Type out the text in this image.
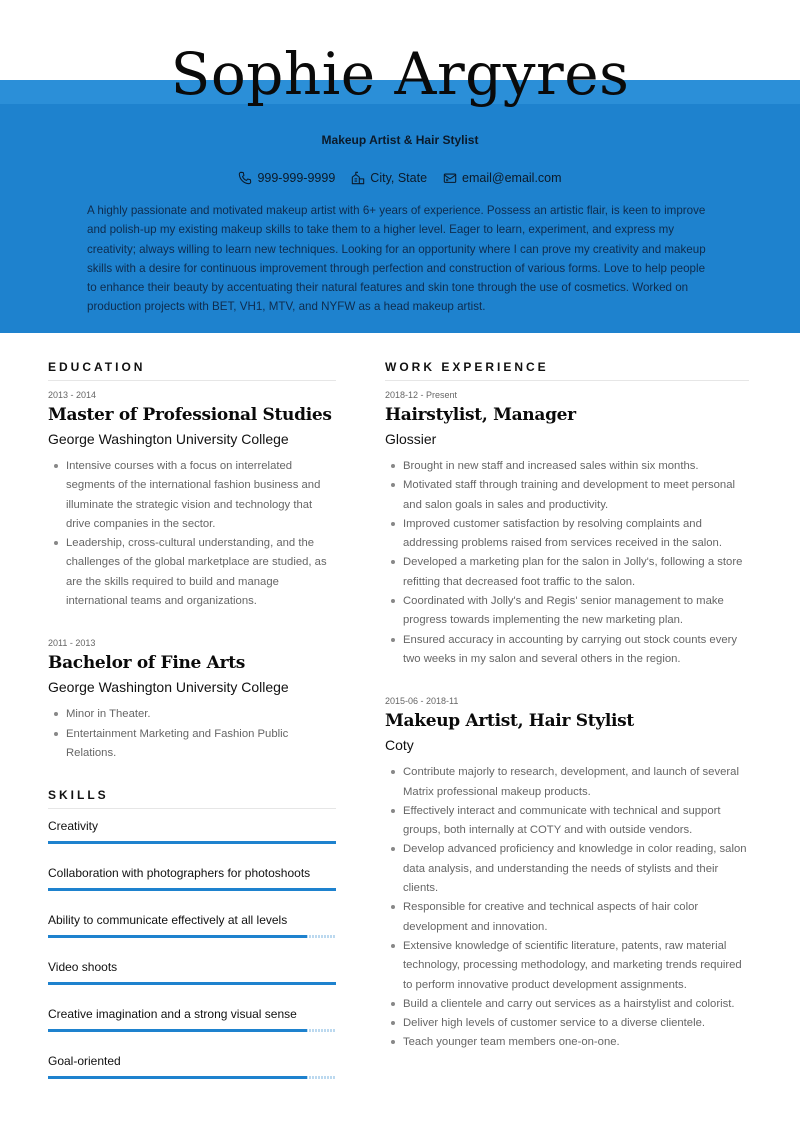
Sophie Argyres
Makeup Artist & Hair Stylist
999-999-9999	City, State	email@email.com
A highly passionate and motivated makeup artist with 6+ years of experience. Possess an artistic flair, is keen to improve and polish-up my existing makeup skills to take them to a higher level. Eager to learn, experiment, and express my creativity; always willing to learn new techniques. Looking for an opportunity where I can prove my creativity and makeup skills with a desire for continuous improvement through perfection and construction of various forms. Love to help people to enhance their beauty by accentuating their natural features and skin tone through the use of cosmetics. Worked on production projects with BET, VH1, MTV, and NYFW as a head makeup artist.
EDUCATION
2013 - 2014
Master of Professional Studies
George Washington University College
Intensive courses with a focus on interrelated segments of the international fashion business and illuminate the strategic vision and technology that drive companies in the sector.
Leadership, cross-cultural understanding, and the challenges of the global marketplace are studied, as are the skills required to build and manage international teams and organizations.
2011 - 2013
Bachelor of Fine Arts
George Washington University College
Minor in Theater.
Entertainment Marketing and Fashion Public Relations.
SKILLS
Creativity
Collaboration with photographers for photoshoots
Ability to communicate effectively at all levels
Video shoots
Creative imagination and a strong visual sense
Goal-oriented
WORK EXPERIENCE
2018-12 - Present
Hairstylist, Manager
Glossier
Brought in new staff and increased sales within six months.
Motivated staff through training and development to meet personal and salon goals in sales and productivity.
Improved customer satisfaction by resolving complaints and addressing problems raised from services received in the salon.
Developed a marketing plan for the salon in Jolly's, following a store refitting that decreased foot traffic to the salon.
Coordinated with Jolly's and Regis' senior management to make progress towards implementing the new marketing plan.
Ensured accuracy in accounting by carrying out stock counts every two weeks in my salon and several others in the region.
2015-06 - 2018-11
Makeup Artist, Hair Stylist
Coty
Contribute majorly to research, development, and launch of several Matrix professional makeup products.
Effectively interact and communicate with technical and support groups, both internally at COTY and with outside vendors.
Develop advanced proficiency and knowledge in color reading, salon data analysis, and understanding the needs of stylists and their clients.
Responsible for creative and technical aspects of hair color development and innovation.
Extensive knowledge of scientific literature, patents, raw material technology, processing methodology, and marketing trends required to perform innovative product development assignments.
Build a clientele and carry out services as a hairstylist and colorist.
Deliver high levels of customer service to a diverse clientele.
Teach younger team members one-on-one.
